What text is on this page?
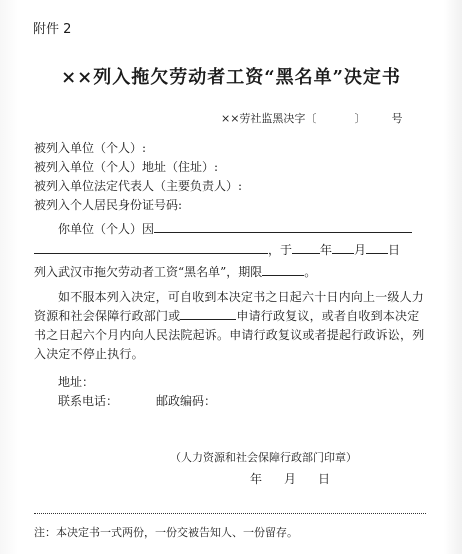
附件 2
××列入拖欠劳动者工资“黑名单”决定书
××劳社监黑决字〔	〕 号
被列入单位（个人）:
被列入单位（个人）地址（住址）:
被列入单位法定代表人（主要负责人）:
被列入个人居民身份证号码:
你单位（个人）因
，于 年 月 日
列入武汉市拖欠劳动者工资“黑名单”，期限	。
如不服本列入决定，可自收到本决定书之日起六十日内向上一级人力资源和社会保障行政部门或	申请行政复议，或者自收到本决定书之日起六个月内向人民法院起诉。申请行政复议或者提起行政诉讼，列入决定不停止执行。
地址：
联系电话：	邮政编码：
（人力资源和社会保障行政部门印章）
年 月 日
注：本决定书一式两份，一份交被告知人、一份留存。
